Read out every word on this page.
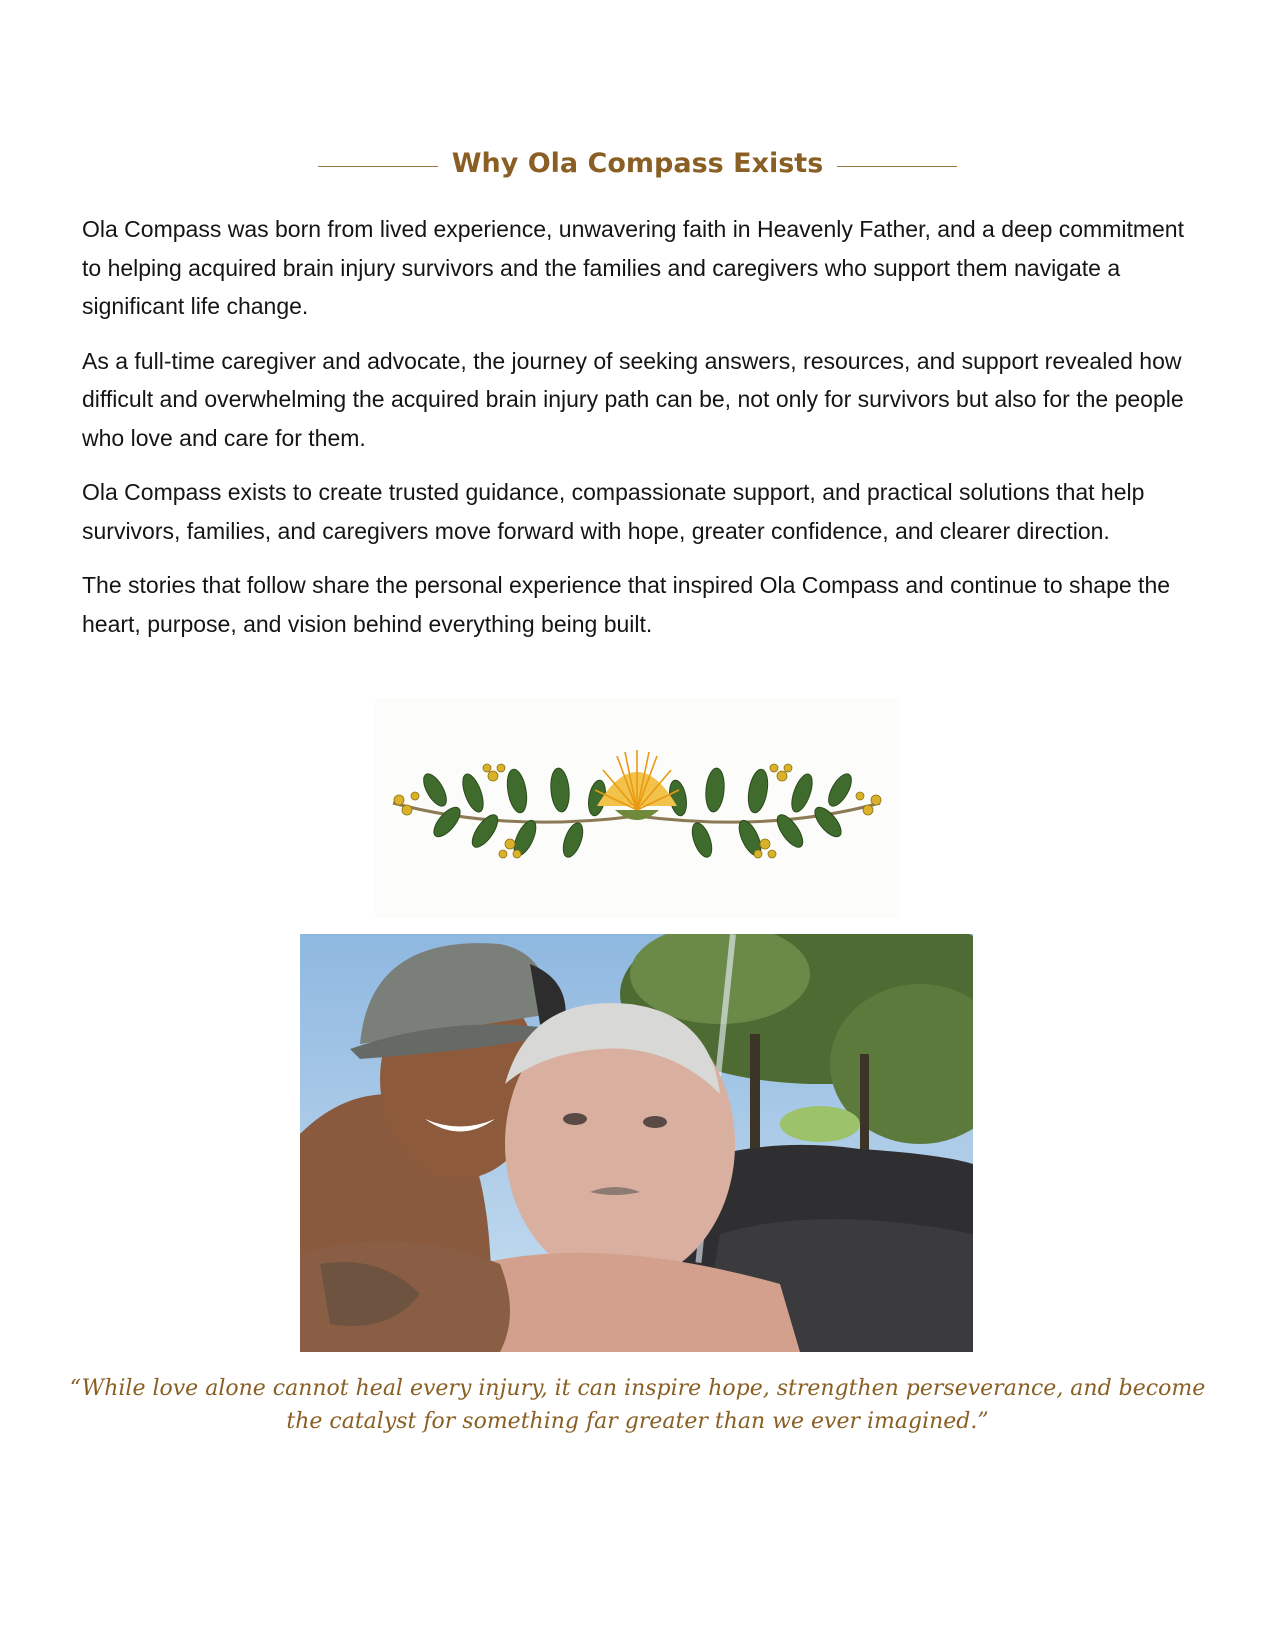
Why Ola Compass Exists

Ola Compass was born from lived experience, unwavering faith in Heavenly Father, and a deep commitment to helping acquired brain injury survivors and the families and caregivers who support them navigate a significant life change.

As a full-time caregiver and advocate, the journey of seeking answers, resources, and support revealed how difficult and overwhelming the acquired brain injury path can be, not only for survivors but also for the people who love and care for them.

Ola Compass exists to create trusted guidance, compassionate support, and practical solutions that help survivors, families, and caregivers move forward with hope, greater confidence, and clearer direction.

The stories that follow share the personal experience that inspired Ola Compass and continue to shape the heart, purpose, and vision behind everything being built.

“While love alone cannot heal every injury, it can inspire hope, strengthen perseverance, and become the catalyst for something far greater than we ever imagined.”
